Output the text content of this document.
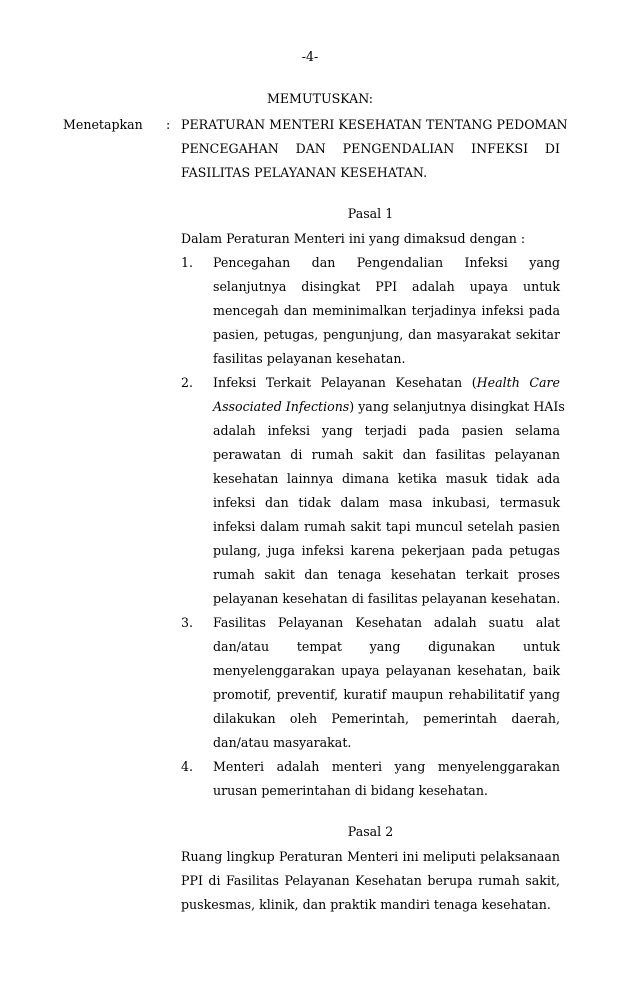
-4-
MEMUTUSKAN:
Menetapkan : PERATURAN MENTERI KESEHATAN TENTANG PEDOMAN
PENCEGAHAN DAN PENGENDALIAN INFEKSI DI
FASILITAS PELAYANAN KESEHATAN.
Pasal 1
Dalam Peraturan Menteri ini yang dimaksud dengan :
1.	Pencegahan dan Pengendalian Infeksi yang
selanjutnya disingkat PPI adalah upaya untuk
mencegah dan meminimalkan terjadinya infeksi pada
pasien, petugas, pengunjung, dan masyarakat sekitar
fasilitas pelayanan kesehatan.
2.	Infeksi Terkait Pelayanan Kesehatan (Health Care
Associated Infections) yang selanjutnya disingkat HAIs
adalah infeksi yang terjadi pada pasien selama
perawatan di rumah sakit dan fasilitas pelayanan
kesehatan lainnya dimana ketika masuk tidak ada
infeksi dan tidak dalam masa inkubasi, termasuk
infeksi dalam rumah sakit tapi muncul setelah pasien
pulang, juga infeksi karena pekerjaan pada petugas
rumah sakit dan tenaga kesehatan terkait proses
pelayanan kesehatan di fasilitas pelayanan kesehatan.
3.	Fasilitas Pelayanan Kesehatan adalah suatu alat
dan/atau tempat yang digunakan untuk
menyelenggarakan upaya pelayanan kesehatan, baik
promotif, preventif, kuratif maupun rehabilitatif yang
dilakukan oleh Pemerintah, pemerintah daerah,
dan/atau masyarakat.
4.	Menteri adalah menteri yang menyelenggarakan
urusan pemerintahan di bidang kesehatan.
Pasal 2
Ruang lingkup Peraturan Menteri ini meliputi pelaksanaan
PPI di Fasilitas Pelayanan Kesehatan berupa rumah sakit,
puskesmas, klinik, dan praktik mandiri tenaga kesehatan.
